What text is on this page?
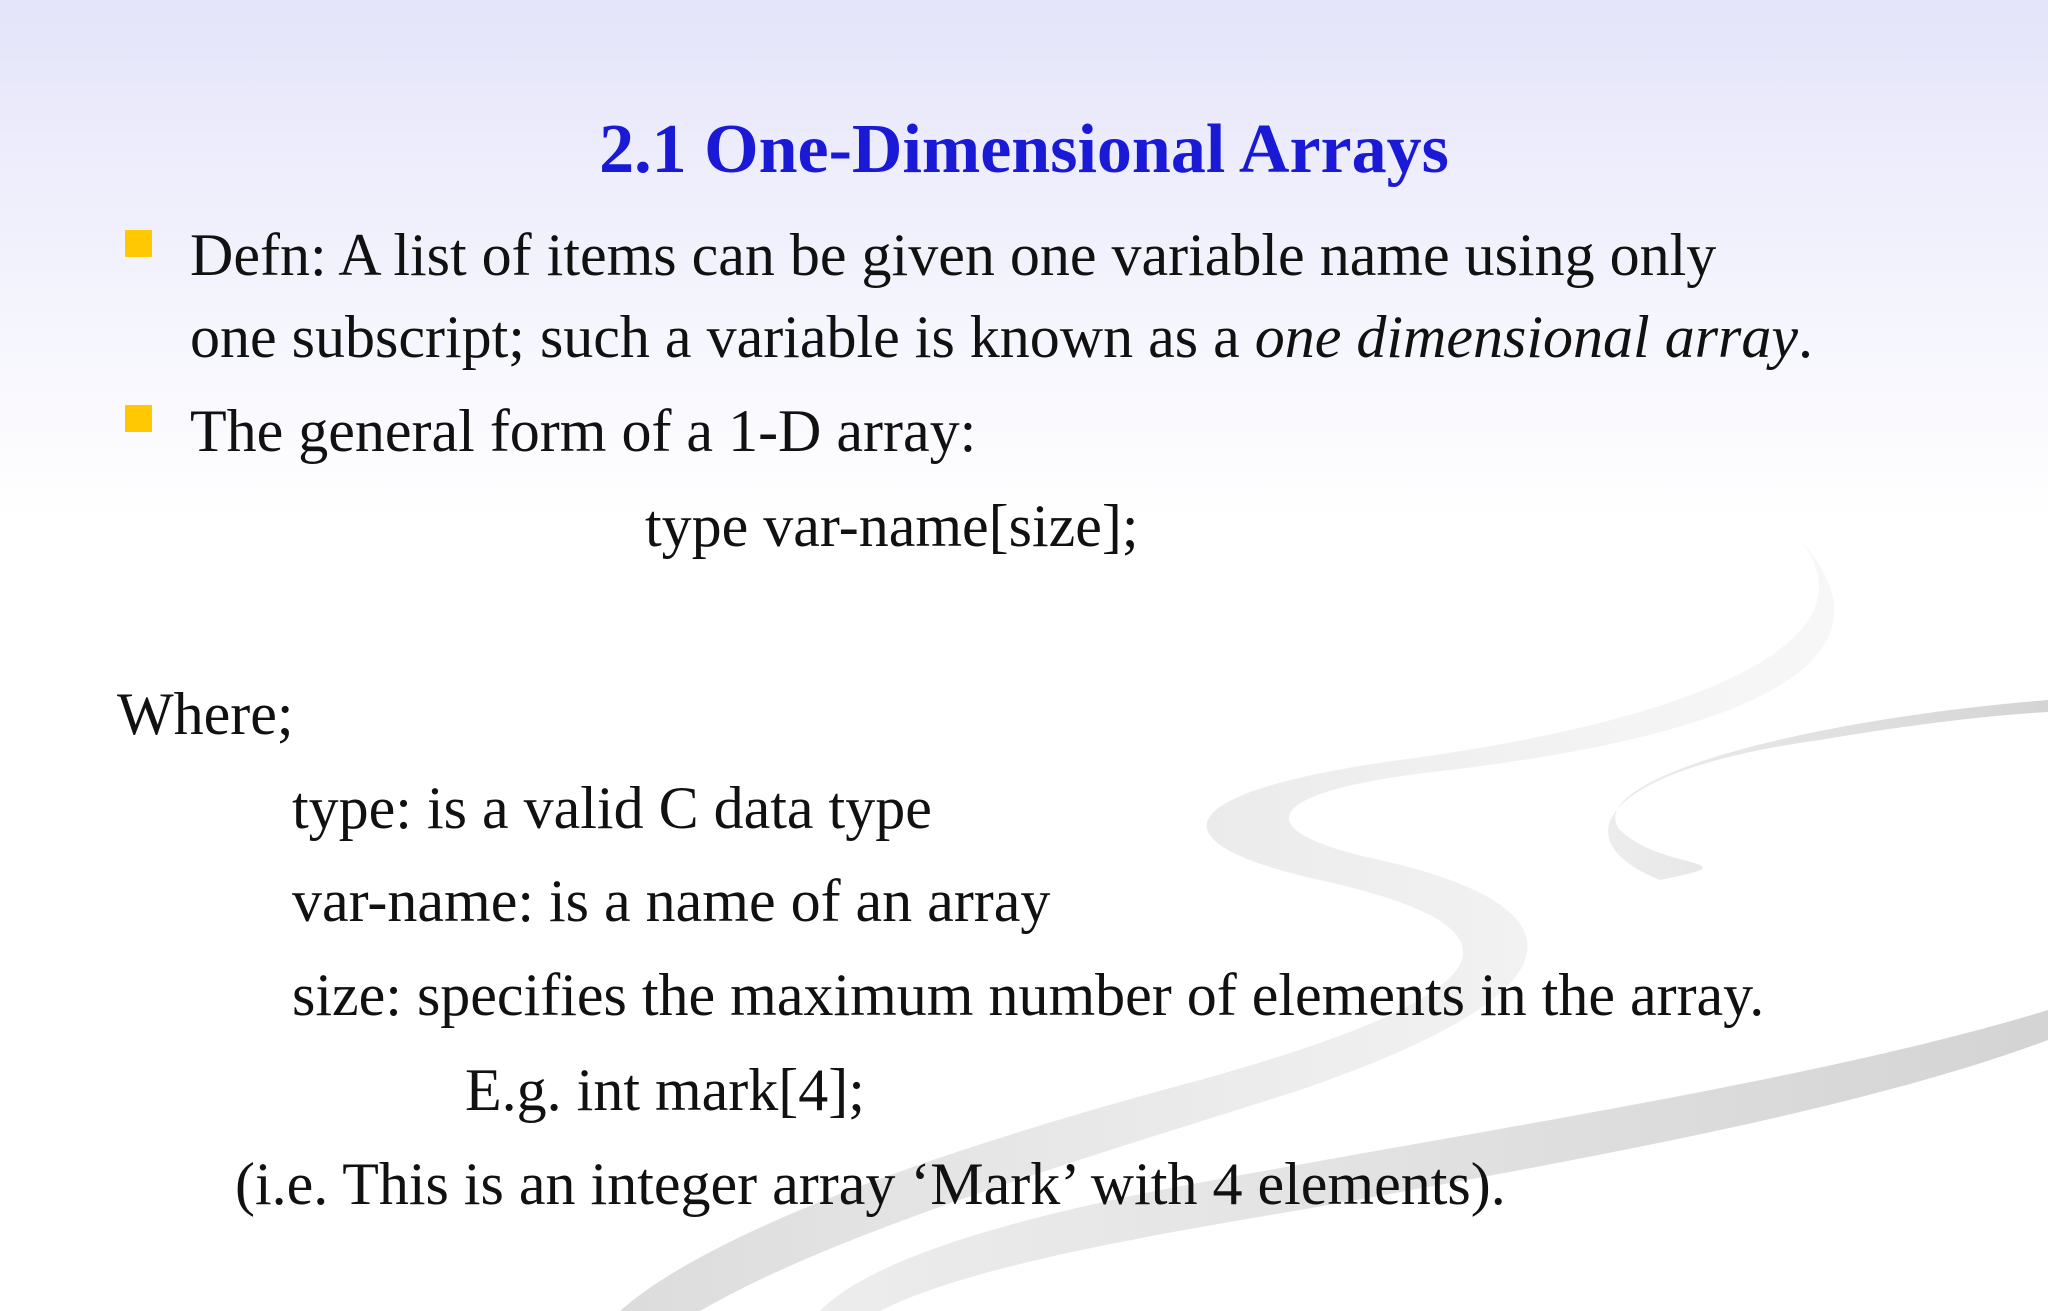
2.1 One-Dimensional Arrays
Defn: A list of items can be given one variable name using only
one subscript; such a variable is known as a one dimensional array.
The general form of a 1-D array:
type var-name[size];
Where;
type: is a valid C data type
var-name: is a name of an array
size: specifies the maximum number of elements in the array.
E.g. int mark[4];
(i.e. This is an integer array ‘Mark’ with 4 elements).
